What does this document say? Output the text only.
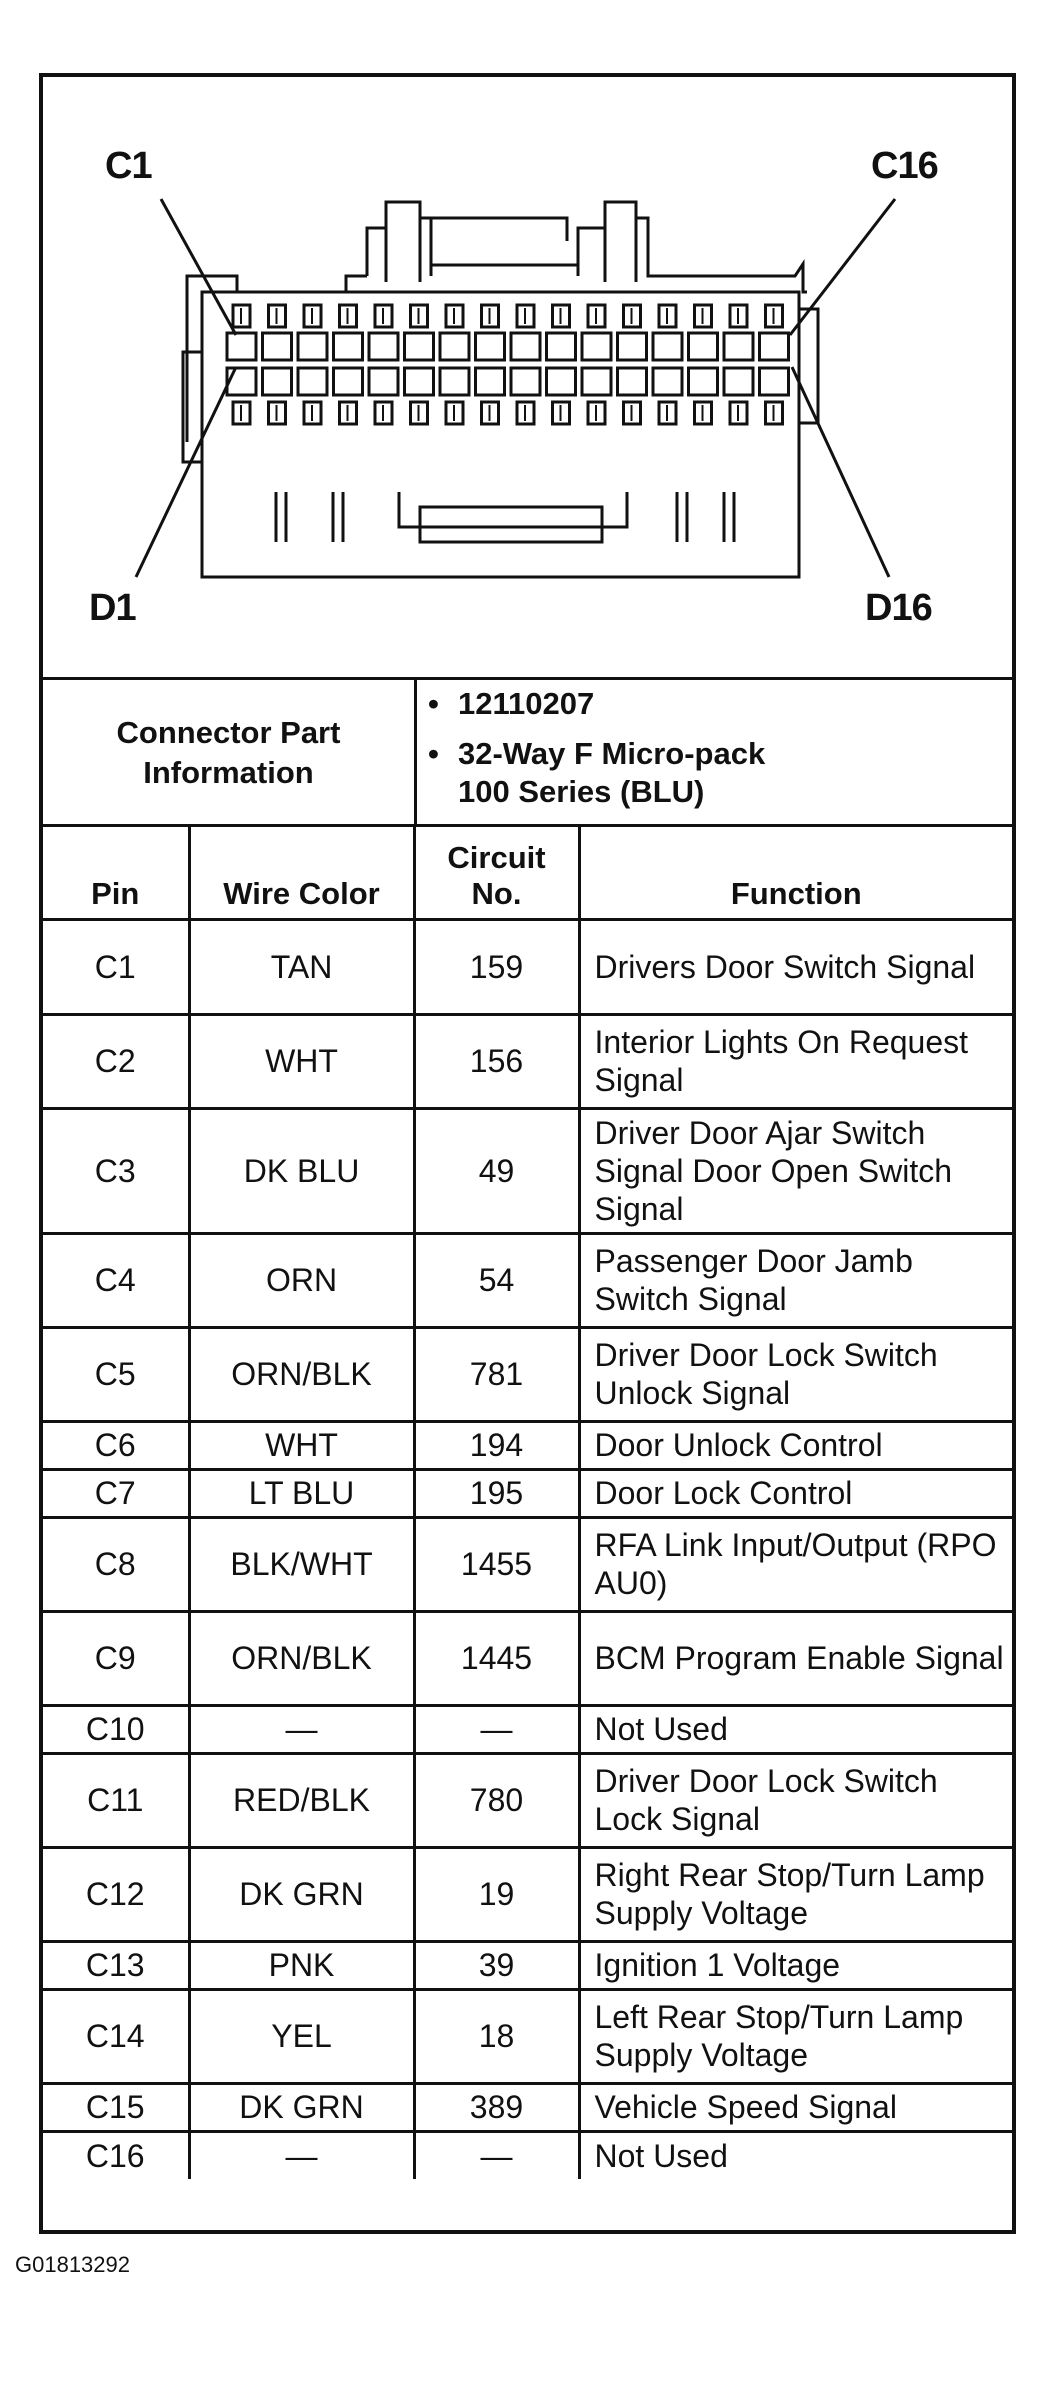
C1	C16
D1	D16
Connector Part Information
• 12110207
• 32-Way F Micro-pack 100 Series (BLU)
Pin	Wire Color	Circuit No.	Function
C1	TAN	159	Drivers Door Switch Signal
C2	WHT	156	Interior Lights On Request Signal
C3	DK BLU	49	Driver Door Ajar Switch Signal Door Open Switch Signal
C4	ORN	54	Passenger Door Jamb Switch Signal
C5	ORN/BLK	781	Driver Door Lock Switch Unlock Signal
C6	WHT	194	Door Unlock Control
C7	LT BLU	195	Door Lock Control
C8	BLK/WHT	1455	RFA Link Input/Output (RPO AU0)
C9	ORN/BLK	1445	BCM Program Enable Signal
C10	—	—	Not Used
C11	RED/BLK	780	Driver Door Lock Switch Lock Signal
C12	DK GRN	19	Right Rear Stop/Turn Lamp Supply Voltage
C13	PNK	39	Ignition 1 Voltage
C14	YEL	18	Left Rear Stop/Turn Lamp Supply Voltage
C15	DK GRN	389	Vehicle Speed Signal
C16	—	—	Not Used
G01813292
